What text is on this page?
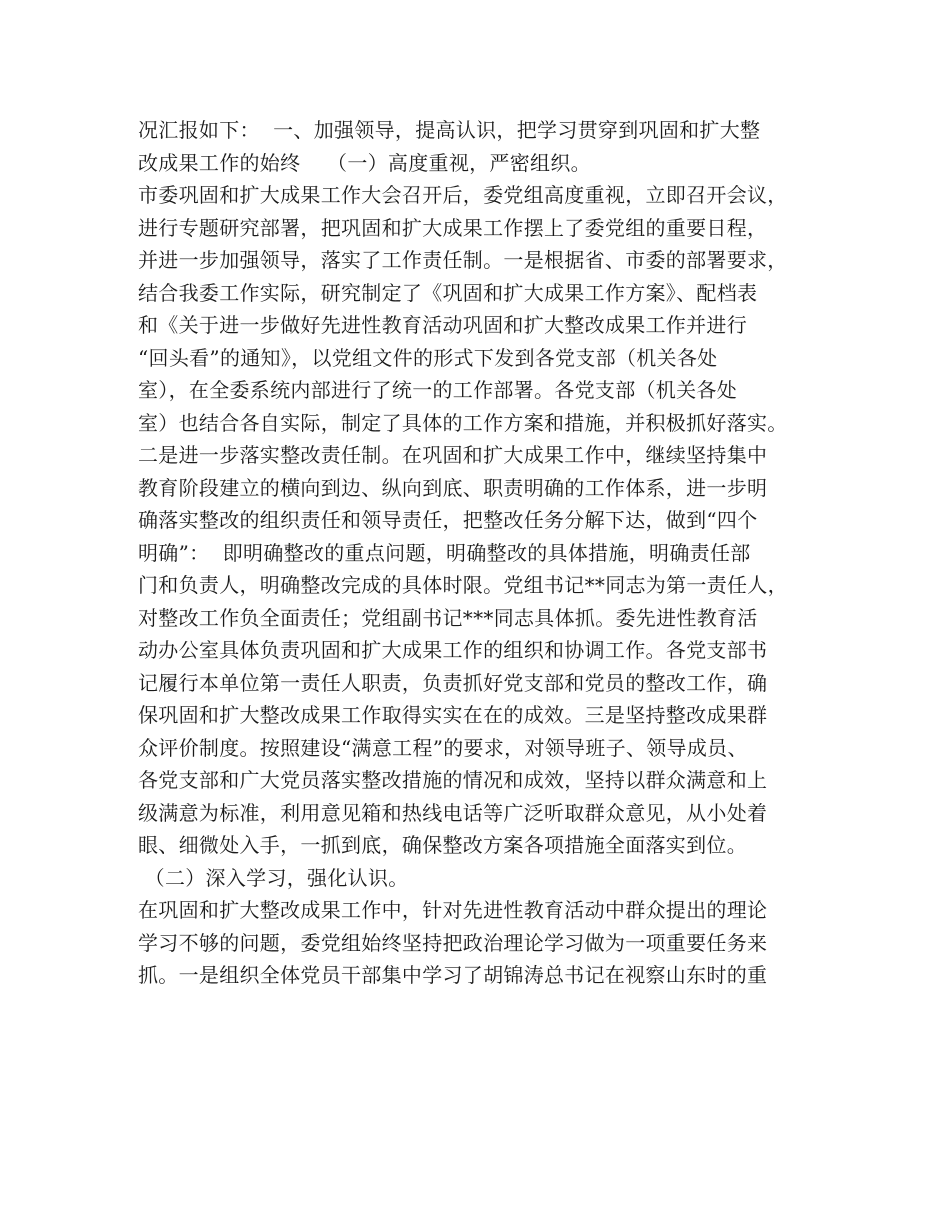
况汇报如下：  一、加强领导，提高认识，把学习贯穿到巩固和扩大整
改成果工作的始终    （一）高度重视，严密组织。
市委巩固和扩大成果工作大会召开后，委党组高度重视，立即召开会议，
进行专题研究部署，把巩固和扩大成果工作摆上了委党组的重要日程，
并进一步加强领导，落实了工作责任制。一是根据省、市委的部署要求，
结合我委工作实际，研究制定了《巩固和扩大成果工作方案》、配档表
和《关于进一步做好先进性教育活动巩固和扩大整改成果工作并进行
“回头看”的通知》，以党组文件的形式下发到各党支部（机关各处
室），在全委系统内部进行了统一的工作部署。各党支部（机关各处
室）也结合各自实际，制定了具体的工作方案和措施，并积极抓好落实。
二是进一步落实整改责任制。在巩固和扩大成果工作中，继续坚持集中
教育阶段建立的横向到边、纵向到底、职责明确的工作体系，进一步明
确落实整改的组织责任和领导责任，把整改任务分解下达，做到“四个
明确”：  即明确整改的重点问题，明确整改的具体措施，明确责任部
门和负责人，明确整改完成的具体时限。党组书记**同志为第一责任人，
对整改工作负全面责任；党组副书记***同志具体抓。委先进性教育活
动办公室具体负责巩固和扩大成果工作的组织和协调工作。各党支部书
记履行本单位第一责任人职责，负责抓好党支部和党员的整改工作，确
保巩固和扩大整改成果工作取得实实在在的成效。三是坚持整改成果群
众评价制度。按照建设“满意工程”的要求，对领导班子、领导成员、
各党支部和广大党员落实整改措施的情况和成效，坚持以群众满意和上
级满意为标准，利用意见箱和热线电话等广泛听取群众意见，从小处着
眼、细微处入手，一抓到底，确保整改方案各项措施全面落实到位。
（二）深入学习，强化认识。
在巩固和扩大整改成果工作中，针对先进性教育活动中群众提出的理论
学习不够的问题，委党组始终坚持把政治理论学习做为一项重要任务来
抓。一是组织全体党员干部集中学习了胡锦涛总书记在视察山东时的重
